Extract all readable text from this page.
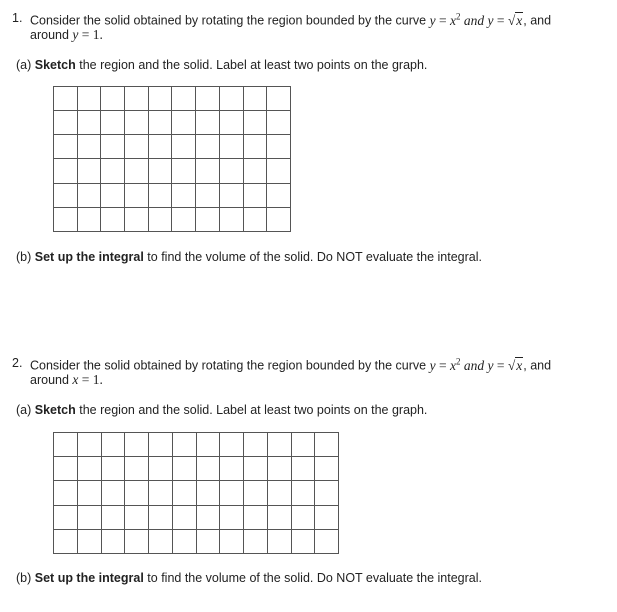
1. Consider the solid obtained by rotating the region bounded by the curve $y = x^2$ and y = √x, and
around y = 1.
(a) Sketch the region and the solid. Label at least two points on the graph.

(b) Set up the integral to find the volume of the solid. Do NOT evaluate the integral.
2. Consider the solid obtained by rotating the region bounded by the curve $y = x^2$ and y = √x, and
around x = 1.
(a) Sketch the region and the solid. Label at least two points on the graph.

(b) Set up the integral to find the volume of the solid. Do NOT evaluate the integral.
